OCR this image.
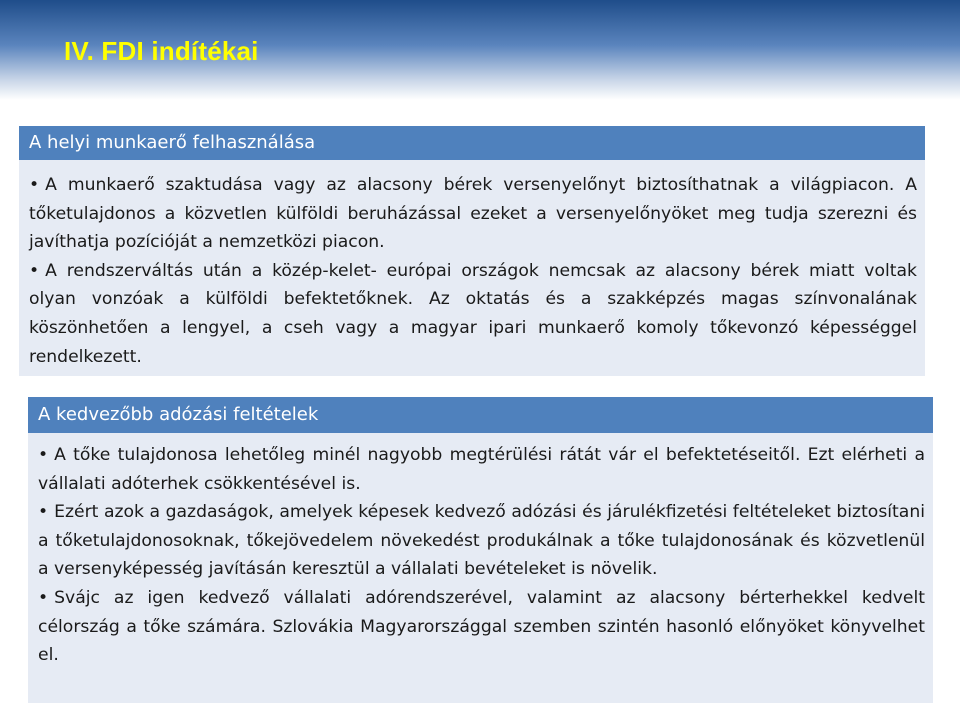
IV. FDI indítékai
A helyi munkaerő felhasználása

• A munkaerő szaktudása vagy az alacsony bérek versenyelőnyt biztosíthatnak a világpiacon. A tőketulajdonos a közvetlen külföldi beruházással ezeket a versenyelőnyöket meg tudja szerezni és javíthatja pozícióját a nemzetközi piacon.

• A rendszerváltás után a közép-kelet- európai országok nemcsak az alacsony bérek miatt voltak olyan vonzóak a külföldi befektetőknek. Az oktatás és a szakképzés magas színvonalának köszönhetően a lengyel, a cseh vagy a magyar ipari munkaerő komoly tőkevonzó képességgel rendelkezett.

A kedvezőbb adózási feltételek

• A tőke tulajdonosa lehetőleg minél nagyobb megtérülési rátát vár el befektetéseitől. Ezt elérheti a vállalati adóterhek csökkentésével is.

• Ezért azok a gazdaságok, amelyek képesek kedvező adózási és járulékfizetési feltételeket biztosítani a tőketulajdonosoknak, tőkejövedelem növekedést produkálnak a tőke tulajdonosának és közvetlenül a versenyképesség javításán keresztül a vállalati bevételeket is növelik.

• Svájc az igen kedvező vállalati adórendszerével, valamint az alacsony bérterhekkel kedvelt célország a tőke számára. Szlovákia Magyarországgal szemben szintén hasonló előnyöket könyvelhet el.
